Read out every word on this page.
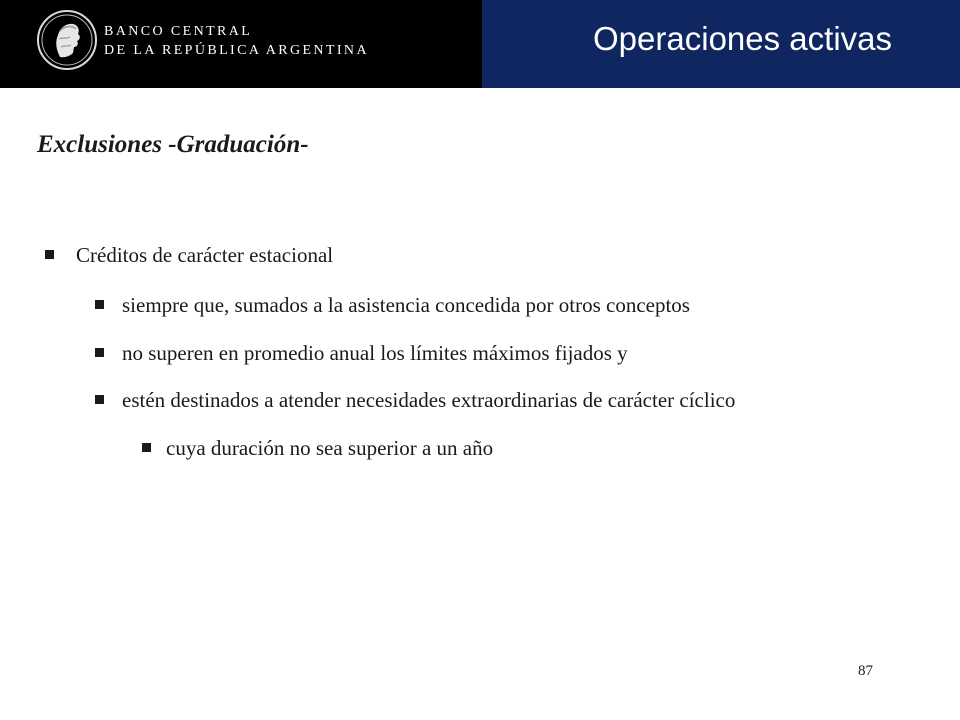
BANCO CENTRAL
DE LA REPÚBLICA ARGENTINA	Operaciones activas
Exclusiones -Graduación-
Créditos de carácter estacional
siempre que, sumados a la asistencia concedida por otros conceptos
no superen en promedio anual los límites máximos fijados y
estén destinados a atender necesidades extraordinarias de carácter cíclico
cuya duración no sea superior a un año
87
